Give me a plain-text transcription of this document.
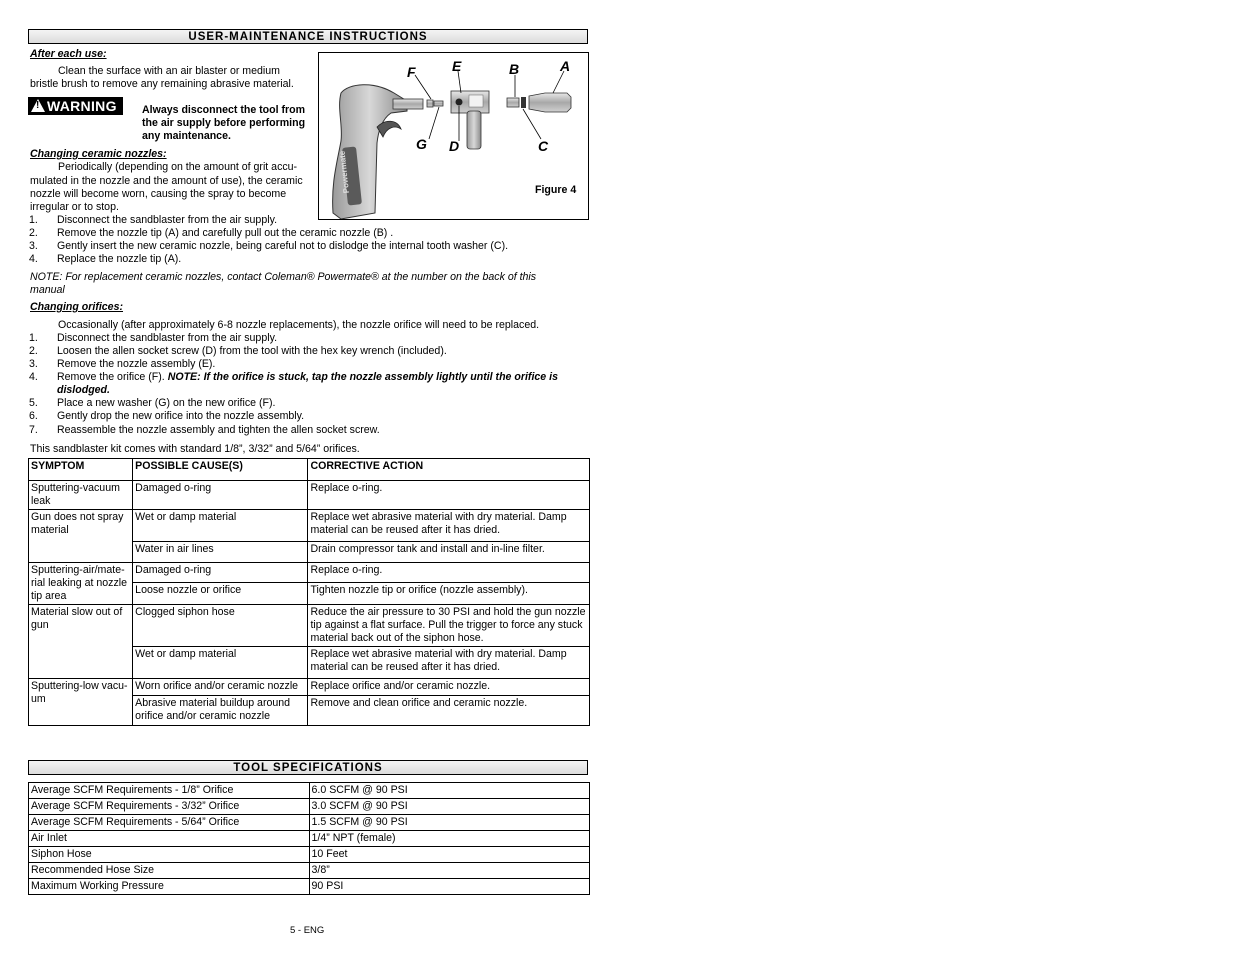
USER-MAINTENANCE INSTRUCTIONS
After each use:
Clean the surface with an air blaster or medium
bristle brush to remove any remaining abrasive material.
! WARNING Always disconnect the tool from
the air supply before performing
any maintenance.
Changing ceramic nozzles:
Periodically (depending on the amount of grit accu-
mulated in the nozzle and the amount of use), the ceramic
nozzle will become worn, causing the spray to become
irregular or to stop.
1. Disconnect the sandblaster from the air supply.
2. Remove the nozzle tip (A) and carefully pull out the ceramic nozzle (B) .
3. Gently insert the new ceramic nozzle, being careful not to dislodge the internal tooth washer (C).
4. Replace the nozzle tip (A).
NOTE: For replacement ceramic nozzles, contact Coleman® Powermate® at the number on the back of this
manual
Powermate
F	E	B	A
G D	C
Figure 4
Changing orifices:
Occasionally (after approximately 6-8 nozzle replacements), the nozzle orifice will need to be replaced.
1. Disconnect the sandblaster from the air supply.
2. Loosen the allen socket screw (D) from the tool with the hex key wrench (included).
3. Remove the nozzle assembly (E).
4. Remove the orifice (F). NOTE: If the orifice is stuck, tap the nozzle assembly lightly until the orifice is
dislodged.
5. Place a new washer (G) on the new orifice (F).
6. Gently drop the new orifice into the nozzle assembly.
7. Reassemble the nozzle assembly and tighten the allen socket screw.
This sandblaster kit comes with standard 1/8”, 3/32” and 5/64” orifices.
SYMPTOM	POSSIBLE CAUSE(S)	CORRECTIVE ACTION
Sputtering-vacuum leak	Damaged o-ring	Replace o-ring.
Gun does not spray material	Wet or damp material	Replace wet abrasive material with dry material. Damp material can be reused after it has dried.
	Water in air lines	Drain compressor tank and install and in-line filter.
Sputtering-air/mate-rial leaking at nozzle tip area	Damaged o-ring	Replace o-ring.
	Loose nozzle or orifice	Tighten nozzle tip or orifice (nozzle assembly).
Material slow out of gun	Clogged siphon hose	Reduce the air pressure to 30 PSI and hold the gun nozzle tip against a flat surface. Pull the trigger to force any stuck material back out of the siphon hose.
	Wet or damp material	Replace wet abrasive material with dry material. Damp material can be reused after it has dried.
Sputtering-low vacu-um	Worn orifice and/or ceramic nozzle	Replace orifice and/or ceramic nozzle.
	Abrasive material buildup around orifice and/or ceramic nozzle	Remove and clean orifice and ceramic nozzle.
TOOL SPECIFICATIONS
Average SCFM Requirements - 1/8” Orifice	6.0 SCFM @ 90 PSI
Average SCFM Requirements - 3/32” Orifice	3.0 SCFM @ 90 PSI
Average SCFM Requirements - 5/64” Orifice	1.5 SCFM @ 90 PSI
Air Inlet	1/4” NPT (female)
Siphon Hose	10 Feet
Recommended Hose Size	3/8”
Maximum Working Pressure	90 PSI
5 - ENG
